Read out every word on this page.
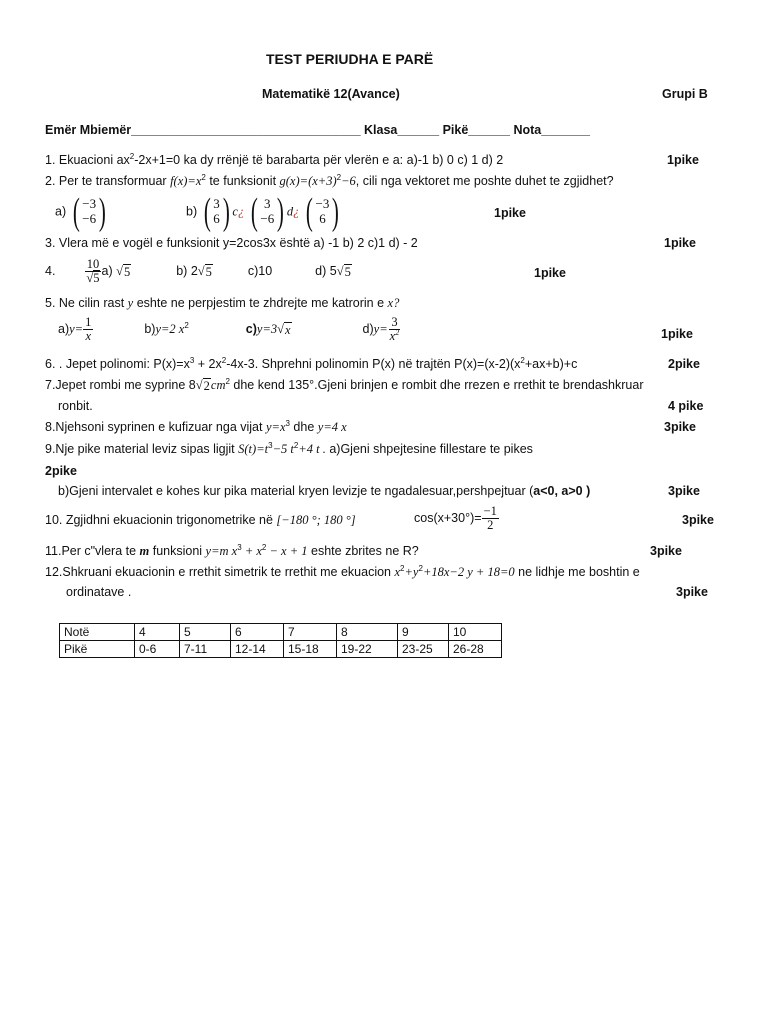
TEST PERIUDHA E PARË
Matematikë 12(Avance)	Grupi B
Emër Mbiemër_________________________________ Klasa______ Pikë______ Nota_______
1. Ekuacioni $ax^2-2x+1=0$ ka dy rrënjë të barabarta për vlerën e a: a)-1 b) 0 c) 1 d) 2	1pike
2. Per te transformuar $f(x)=x^2$ te funksionit $g(x)=(x+3)^2-6$, cili nga vektoret me poshte duhet te zgjidhet?
a) ( −3
−6 )	b) ( 3
6 ) c¿ ( 3
−6 ) d¿ ( −3
6 )	1pike
3. Vlera më e vogël e funksionit y=2cos3x është a) -1 b) 2 c)1 d) - 2	1pike
4. $\frac{10}{√5} a$) √ 5	b) 2√ 5	c)10	d) 5√ 5	1pike
5. Ne cilin rast y eshte ne perpjestim te zhdrejte me katrorin e x?
$a)y= \frac{1}{x}$	b)y=2 $x^2$	c)y=3√ x	$d)y= \frac{3}{x^2}$	1pike
6. . Jepet polinomi: $P(x)=x^3 + 2x^2-4x-3$. Shprehni polinomin P(x) në trajtën $P(x)=(x-2)(x^2+ax+b)+c$	2pike
7.Jepet rombi me syprine 8√ 2 $cm^2$ dhe kend 135°.Gjeni brinjen e rombit dhe rrezen e rrethit te brendashkruar
ronbit.	4 pike
8.Njehsoni syprinen e kufizuar nga vijat $y=x^3$ dhe y=4 x	3pike
9.Nje pike material leviz sipas ligjit $S(t)=t^3-5$ $t^2+4$ t . a)Gjeni shpejtesine fillestare te pikes
2pike
b)Gjeni intervalet e kohes kur pika material kryen levizje te ngadalesuar,pershpejtuar (a<0, a>0 )	3pike
10. Zgjidhni ekuacionin trigonometrike në [−180 °; 180 °]	$\cos(x+30^\circ)= \frac{-1}{2}$	3pike
11.Per c"vlera te m funksioni y=m $x^3 + x^2 - x + 1$ eshte zbrites ne R?	3pike
12.Shkruani ekuacionin e rrethit simetrik te rrethit me ekuacion $x^2+y^2+18x-2$ y + 18=0 ne lidhje me boshtin e
ordinatave .	3pike
Notë	4	5	6	7	8	9	10
Pikë	0-6	7-11	12-14	15-18	19-22	23-25	26-28
